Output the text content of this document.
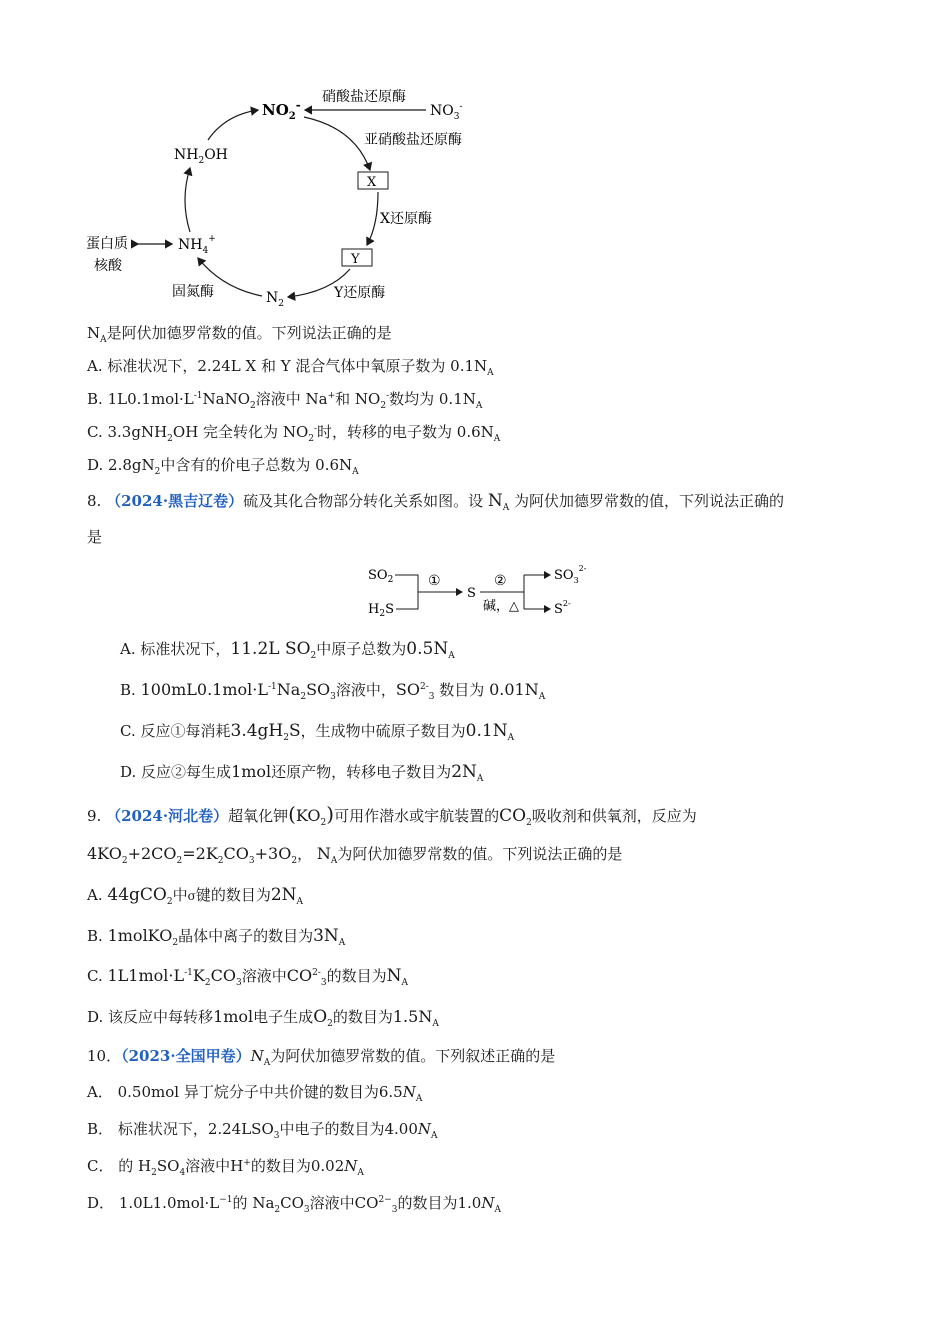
$NO_2^-$	$NO_3^-$
硝酸盐还原酶
亚硝酸盐还原酶
X
X还原酶
Y
Y还原酶
$N_2$
固氮酶
$NH_4^+$
蛋白质
核酸
$NH_2OH$
$N_A$是阿伏加德罗常数的值。下列说法正确的是
A. 标准状况下，2.24L X 和 Y 混合气体中氧原子数为 $0.1N_A$
B. $1L0.1mol\cdot L^{-1}NaNO_2$溶液中 Na+和 $NO_2^-$数均为 $0.1N_A$
C. 3.3gNH$_2$OH 完全转化为 $NO_2^-$时，转移的电子数为 $0.6N_A$
D. $2.8gN_2$中含有的价电子总数为 $0.6N_A$
8. （2024·黑吉辽卷）硫及其化合物部分转化关系如图。设 $N_A$ 为阿伏加德罗常数的值，下列说法正确的
是
$SO_2$
$H_2S$
①
S
②
碱，△
$SO_3^{2-}$
$S^{2-}$
A. 标准状况下，11.2L $SO_2$中原子总数为$0.5N_A$
B. $100mL0.1mol\cdot L^{-1}Na_2SO_3$溶液中，$SO^{2-}_3$ 数目为 $0.01N_A$
C. 反应①每消耗$3.4gH_2S$，生成物中硫原子数目为$0.1N_A$
D. 反应②每生成1mol还原产物，转移电子数目为$2N_A$
9. （2024·河北卷）超氧化钾$(KO_2)$可用作潜水或宇航装置的$CO_2$吸收剂和供氧剂，反应为
$4KO_2+2CO_2=2K_2CO_3+3O_2$， $N_A$为阿伏加德罗常数的值。下列说法正确的是
A. 44gCO$_2$中σ键的数目为$2N_A$
B. 1molKO$_2$晶体中离子的数目为$3N_A$
C. $1L1mol\cdot L^{-1}K_2CO_3$溶液中$CO^{2-}_3$的数目为$N_A$
D. 该反应中每转移1mol电子生成$O_2$的数目为$1.5N_A$
10．（2023·全国甲卷）$N_A$为阿伏加德罗常数的值。下列叙述正确的是
A． 0.50mol 异丁烷分子中共价键的数目为$6.5N_A$
B． 标准状况下，$2.24LSO_3$中电子的数目为$4.00N_A$
C． 的 $H_2SO_4$溶液中H+的数目为$0.02N_A$
D． $1.0L1.0mol\cdot L^{-1}$的 $Na_2CO_3$溶液中$CO^{2-}_3$的数目为$1.0N_A$
